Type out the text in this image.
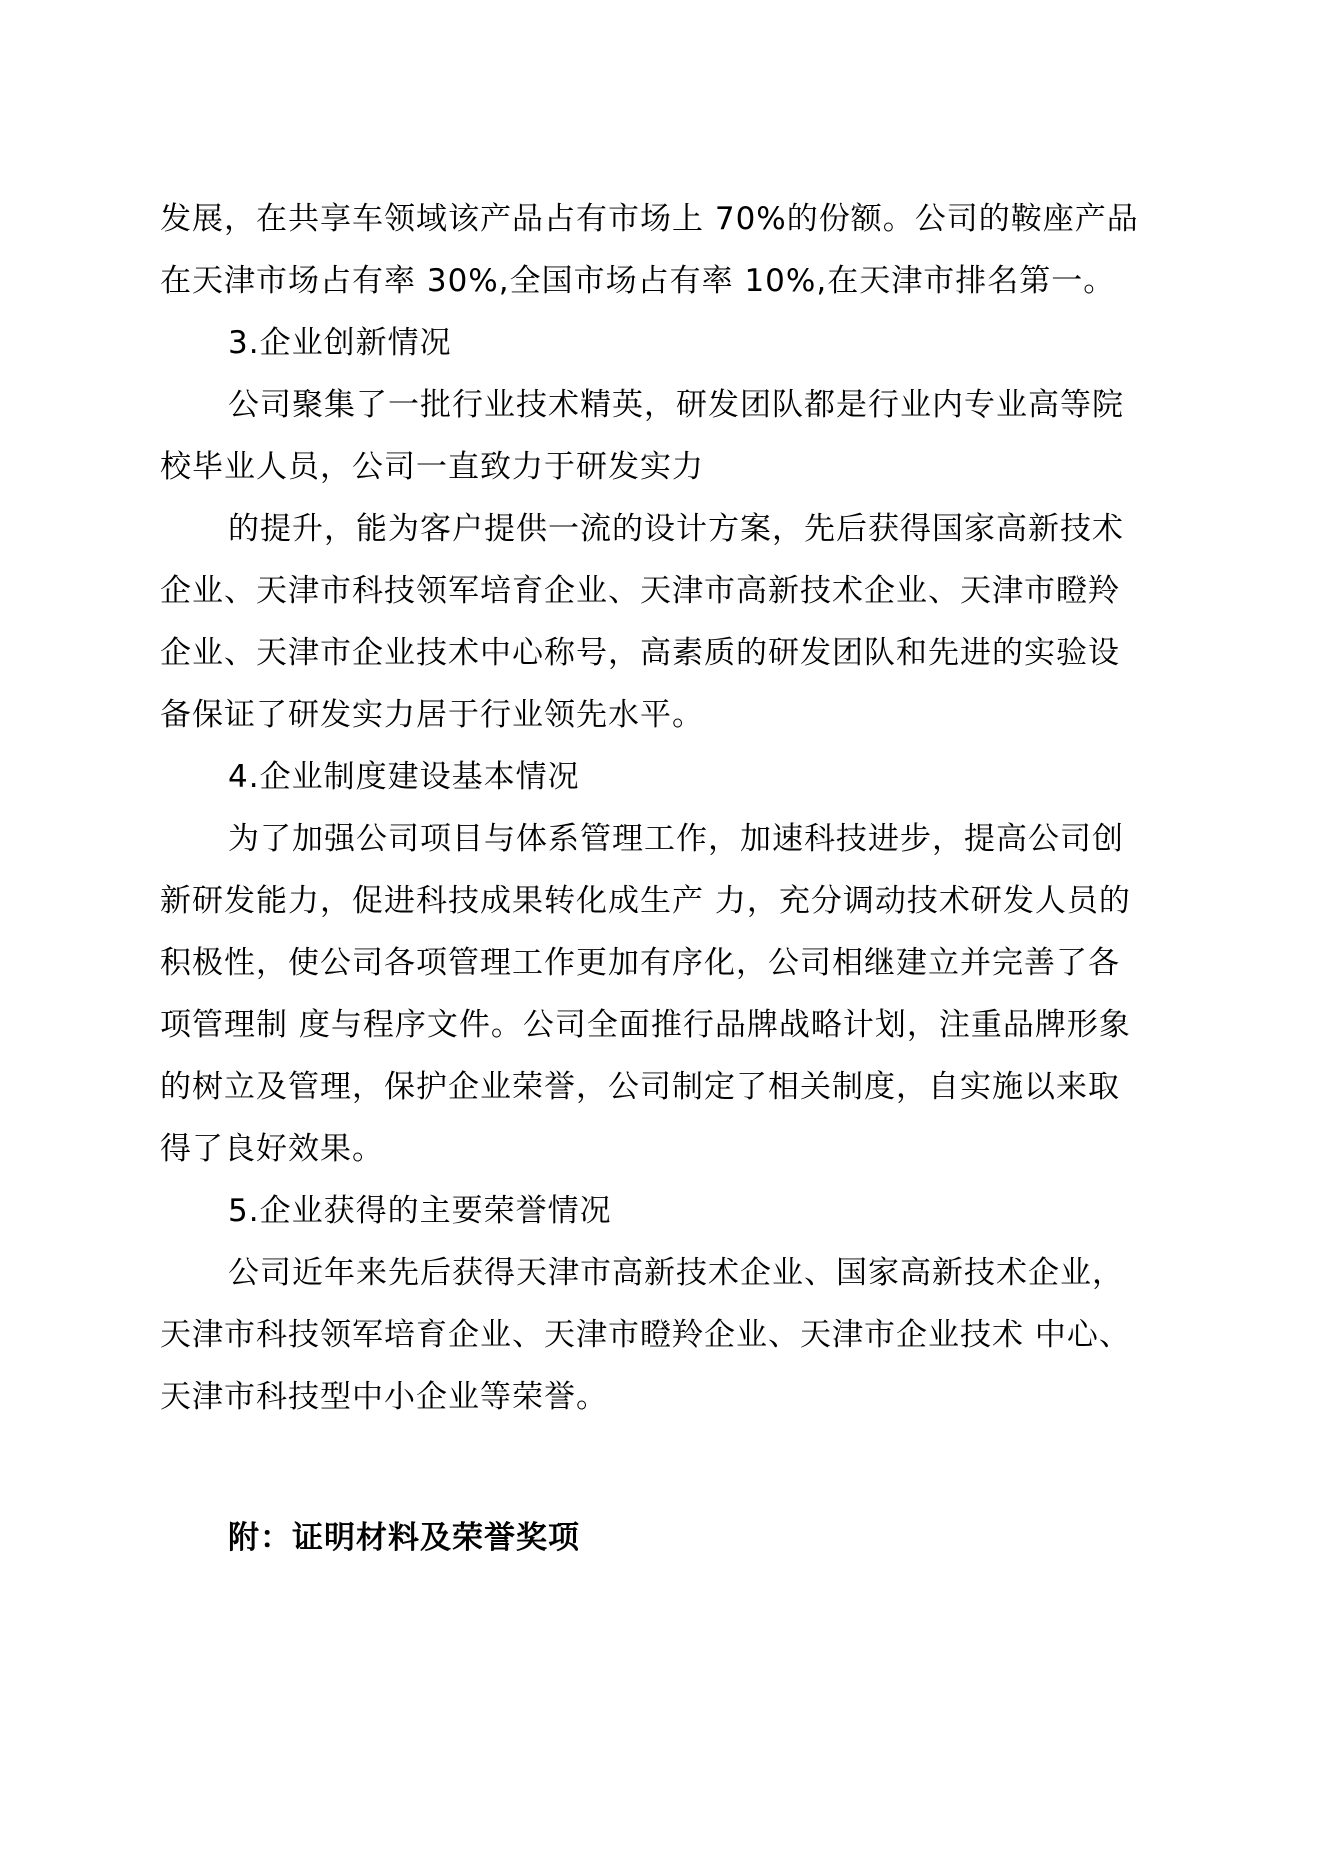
发展，在共享车领域该产品占有市场上 70%的份额。公司的鞍座产品
在天津市场占有率 30%,全国市场占有率 10%,在天津市排名第一。
3.企业创新情况
公司聚集了一批行业技术精英，研发团队都是行业内专业高等院
校毕业人员，公司一直致力于研发实力
的提升，能为客户提供一流的设计方案，先后获得国家高新技术
企业、天津市科技领军培育企业、天津市高新技术企业、天津市瞪羚
企业、天津市企业技术中心称号，高素质的研发团队和先进的实验设
备保证了研发实力居于行业领先水平。
4.企业制度建设基本情况
为了加强公司项目与体系管理工作，加速科技进步，提高公司创
新研发能力，促进科技成果转化成生产 力，充分调动技术研发人员的
积极性，使公司各项管理工作更加有序化，公司相继建立并完善了各
项管理制 度与程序文件。公司全面推行品牌战略计划，注重品牌形象
的树立及管理，保护企业荣誉，公司制定了相关制度，自实施以来取
得了良好效果。
5.企业获得的主要荣誉情况
公司近年来先后获得天津市高新技术企业、国家高新技术企业，
天津市科技领军培育企业、天津市瞪羚企业、天津市企业技术 中心、
天津市科技型中小企业等荣誉。
附：证明材料及荣誉奖项
